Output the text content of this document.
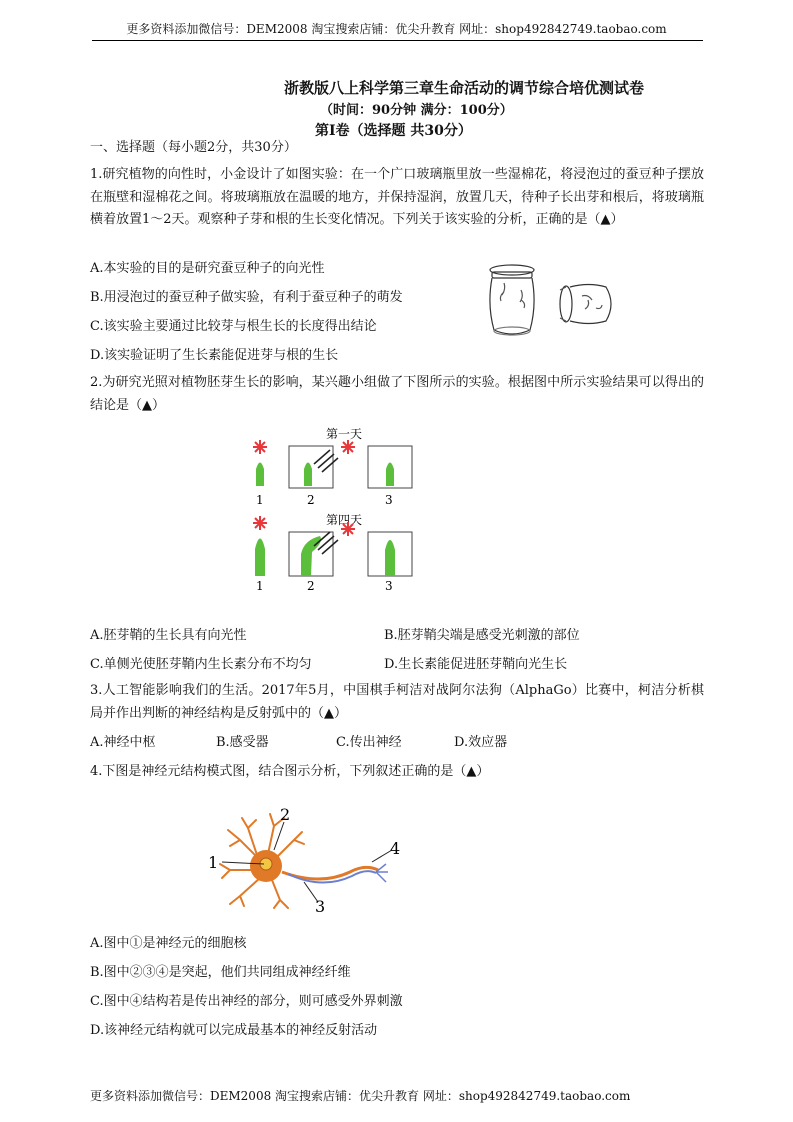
更多资料添加微信号：DEM2008 淘宝搜索店铺：优尖升教育 网址：shop492842749.taobao.com
浙教版八上科学第三章生命活动的调节综合培优测试卷
（时间：90分钟 满分：100分）
第Ⅰ卷（选择题 共30分）
一、选择题（每小题2分，共30分）
1.研究植物的向性时，小金设计了如图实验：在一个广口玻璃瓶里放一些湿棉花，将浸泡过的蚕豆种子摆放在瓶壁和湿棉花之间。将玻璃瓶放在温暖的地方，并保持湿润，放置几天，待种子长出芽和根后，将玻璃瓶横着放置1～2天。观察种子芽和根的生长变化情况。下列关于该实验的分析，正确的是（▲）
A.本实验的目的是研究蚕豆种子的向光性
B.用浸泡过的蚕豆种子做实验，有利于蚕豆种子的萌发
C.该实验主要通过比较芽与根生长的长度得出结论
D.该实验证明了生长素能促进芽与根的生长
2.为研究光照对植物胚芽生长的影响，某兴趣小组做了下图所示的实验。根据图中所示实验结果可以得出的结论是（▲）
第一天
1	2	3
第四天
1	2	3
A.胚芽鞘的生长具有向光性	B.胚芽鞘尖端是感受光刺激的部位
C.单侧光使胚芽鞘内生长素分布不均匀	D.生长素能促进胚芽鞘向光生长
3.人工智能影响我们的生活。2017年5月，中国棋手柯洁对战阿尔法狗（AlphaGo）比赛中，柯洁分析棋局并作出判断的神经结构是反射弧中的（▲）
A.神经中枢	B.感受器	C.传出神经	D.效应器
4.下图是神经元结构模式图，结合图示分析，下列叙述正确的是（▲）
1
2
3
4
A.图中①是神经元的细胞核
B.图中②③④是突起，他们共同组成神经纤维
C.图中④结构若是传出神经的部分，则可感受外界刺激
D.该神经元结构就可以完成最基本的神经反射活动
更多资料添加微信号：DEM2008 淘宝搜索店铺：优尖升教育 网址：shop492842749.taobao.com
